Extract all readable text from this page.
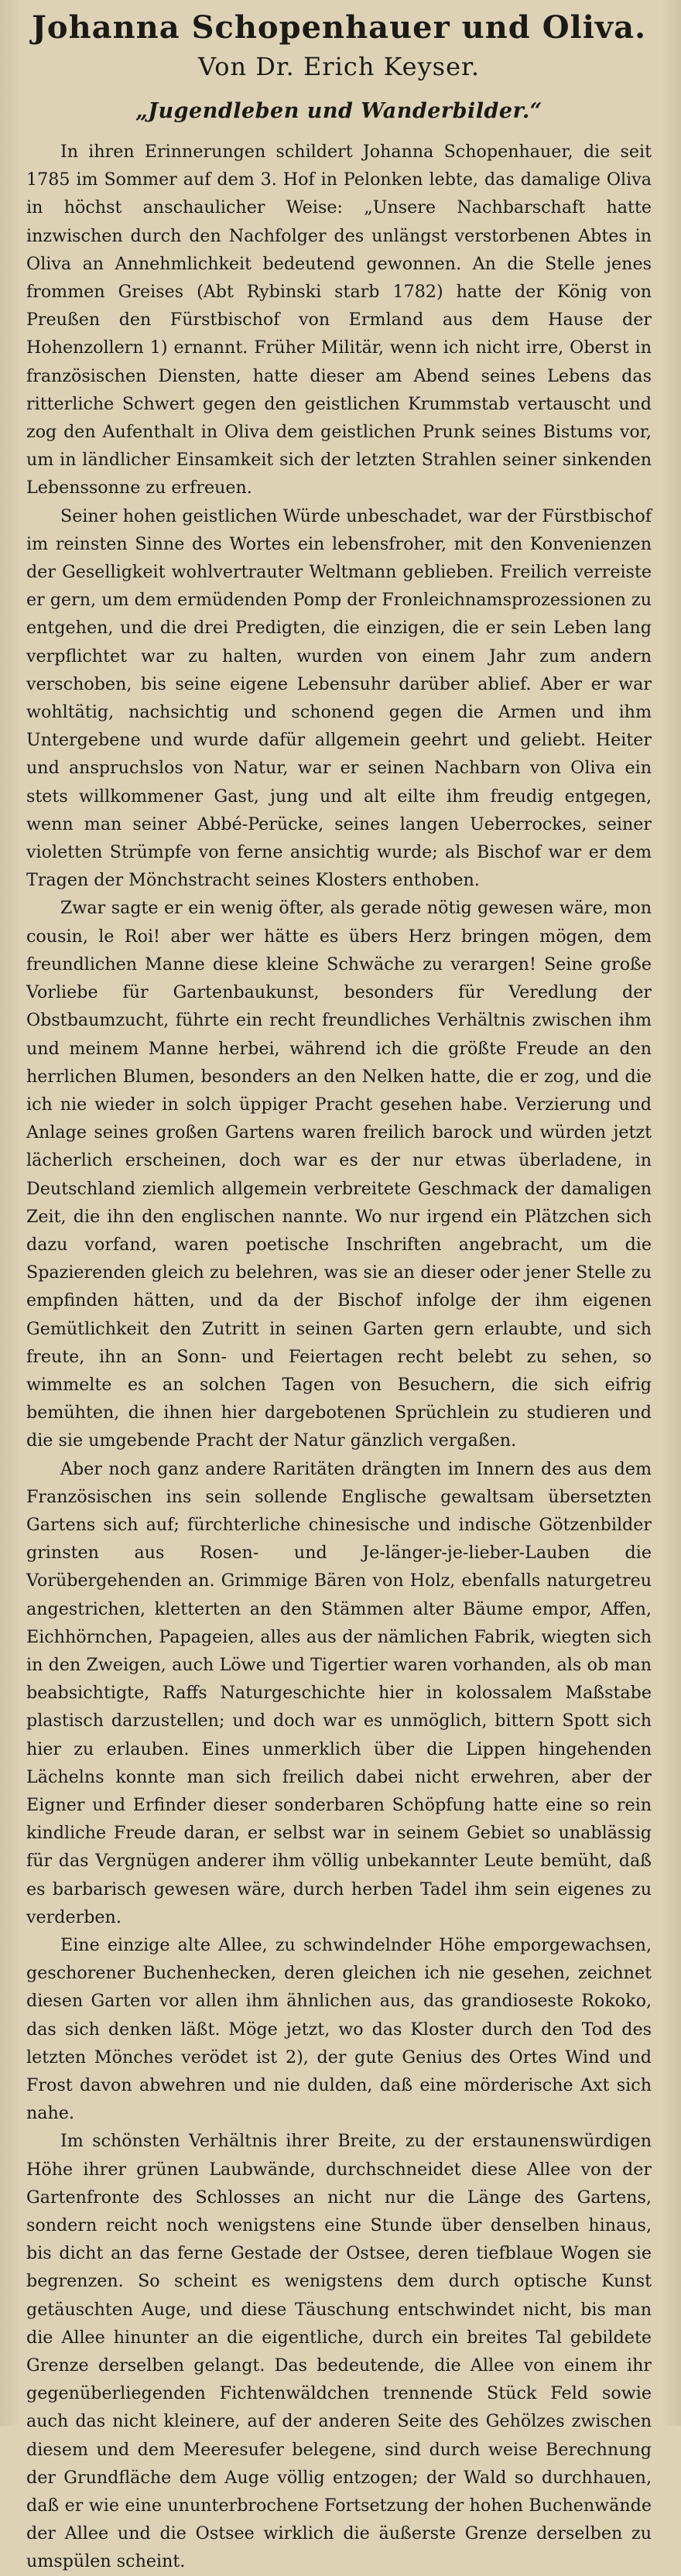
Johanna Schopenhauer und Oliva.
Von Dr. Erich Keyser.
„Jugendleben und Wanderbilder.“

In ihren Erinnerungen schildert Johanna Schopenhauer, die seit 1785 im Sommer auf dem 3. Hof in Pelonken lebte, das damalige Oliva in höchst anschaulicher Weise: „Unsere Nachbarschaft hatte inzwischen durch den Nachfolger des unlängst verstorbenen Abtes in Oliva an Annehmlichkeit bedeutend gewonnen. An die Stelle jenes frommen Greises (Abt Rybinski starb 1782) hatte der König von Preußen den Fürstbischof von Ermland aus dem Hause der Hohenzollern 1) ernannt. Früher Militär, wenn ich nicht irre, Oberst in französischen Diensten, hatte dieser am Abend seines Lebens das ritterliche Schwert gegen den geistlichen Krummstab vertauscht und zog den Aufenthalt in Oliva dem geistlichen Prunk seines Bistums vor, um in ländlicher Einsamkeit sich der letzten Strahlen seiner sinkenden Lebenssonne zu erfreuen.

Seiner hohen geistlichen Würde unbeschadet, war der Fürstbischof im reinsten Sinne des Wortes ein lebensfroher, mit den Konvenienzen der Geselligkeit wohlvertrauter Weltmann geblieben. Freilich verreiste er gern, um dem ermüdenden Pomp der Fronleichnamsprozessionen zu entgehen, und die drei Predigten, die einzigen, die er sein Leben lang verpflichtet war zu halten, wurden von einem Jahr zum andern verschoben, bis seine eigene Lebensuhr darüber ablief. Aber er war wohltätig, nachsichtig und schonend gegen die Armen und ihm Untergebene und wurde dafür allgemein geehrt und geliebt. Heiter und anspruchslos von Natur, war er seinen Nachbarn von Oliva ein stets willkommener Gast, jung und alt eilte ihm freudig entgegen, wenn man seiner Abbé-Perücke, seines langen Ueberrockes, seiner violetten Strümpfe von ferne ansichtig wurde; als Bischof war er dem Tragen der Mönchstracht seines Klosters enthoben.

Zwar sagte er ein wenig öfter, als gerade nötig gewesen wäre, mon cousin, le Roi! aber wer hätte es übers Herz bringen mögen, dem freundlichen Manne diese kleine Schwäche zu verargen! Seine große Vorliebe für Gartenbaukunst, besonders für Veredlung der Obstbaumzucht, führte ein recht freundliches Verhältnis zwischen ihm und meinem Manne herbei, während ich die größte Freude an den herrlichen Blumen, besonders an den Nelken hatte, die er zog, und die ich nie wieder in solch üppiger Pracht gesehen habe. Verzierung und Anlage seines großen Gartens waren freilich barock und würden jetzt lächerlich erscheinen, doch war es der nur etwas überladene, in Deutschland ziemlich allgemein verbreitete Geschmack der damaligen Zeit, die ihn den englischen nannte. Wo nur irgend ein Plätzchen sich dazu vorfand, waren poetische Inschriften angebracht, um die Spazierenden gleich zu belehren, was sie an dieser oder jener Stelle zu empfinden hätten, und da der Bischof infolge der ihm eigenen Gemütlichkeit den Zutritt in seinen Garten gern erlaubte, und sich freute, ihn an Sonn- und Feiertagen recht belebt zu sehen, so wimmelte es an solchen Tagen von Besuchern, die sich eifrig bemühten, die ihnen hier dargebotenen Sprüchlein zu studieren und die sie umgebende Pracht der Natur gänzlich vergaßen.

Aber noch ganz andere Raritäten drängten im Innern des aus dem Französischen ins sein sollende Englische gewaltsam übersetzten Gartens sich auf; fürchterliche chinesische und indische Götzenbilder grinsten aus Rosen- und Je-länger-je-lieber-Lauben die Vorübergehenden an. Grimmige Bären von Holz, ebenfalls naturgetreu angestrichen, kletterten an den Stämmen alter Bäume empor, Affen, Eichhörnchen, Papageien, alles aus der nämlichen Fabrik, wiegten sich in den Zweigen, auch Löwe und Tigertier waren vorhanden, als ob man beabsichtigte, Raffs Naturgeschichte hier in kolossalem Maßstabe plastisch darzustellen; und doch war es unmöglich, bittern Spott sich hier zu erlauben. Eines unmerklich über die Lippen hingehenden Lächelns konnte man sich freilich dabei nicht erwehren, aber der Eigner und Erfinder dieser sonderbaren Schöpfung hatte eine so rein kindliche Freude daran, er selbst war in seinem Gebiet so unablässig für das Vergnügen anderer ihm völlig unbekannter Leute bemüht, daß es barbarisch gewesen wäre, durch herben Tadel ihm sein eigenes zu verderben.

Eine einzige alte Allee, zu schwindelnder Höhe emporgewachsen, geschorener Buchenhecken, deren gleichen ich nie gesehen, zeichnet diesen Garten vor allen ihm ähnlichen aus, das grandioseste Rokoko, das sich denken läßt. Möge jetzt, wo das Kloster durch den Tod des letzten Mönches verödet ist 2), der gute Genius des Ortes Wind und Frost davon abwehren und nie dulden, daß eine mörderische Axt sich nahe.

Im schönsten Verhältnis ihrer Breite, zu der erstaunenswürdigen Höhe ihrer grünen Laubwände, durchschneidet diese Allee von der Gartenfronte des Schlosses an nicht nur die Länge des Gartens, sondern reicht noch wenigstens eine Stunde über denselben hinaus, bis dicht an das ferne Gestade der Ostsee, deren tiefblaue Wogen sie begrenzen. So scheint es wenigstens dem durch optische Kunst getäuschten Auge, und diese Täuschung entschwindet nicht, bis man die Allee hinunter an die eigentliche, durch ein breites Tal gebildete Grenze derselben gelangt. Das bedeutende, die Allee von einem ihr gegenüberliegenden Fichtenwäldchen trennende Stück Feld sowie auch das nicht kleinere, auf der anderen Seite des Gehölzes zwischen diesem und dem Meeresufer belegene, sind durch weise Berechnung der Grundfläche dem Auge völlig entzogen; der Wald so durchhauen, daß er wie eine ununterbrochene Fortsetzung der hohen Buchenwände der Allee und die Ostsee wirklich die äußerste Grenze derselben zu umspülen scheint.
